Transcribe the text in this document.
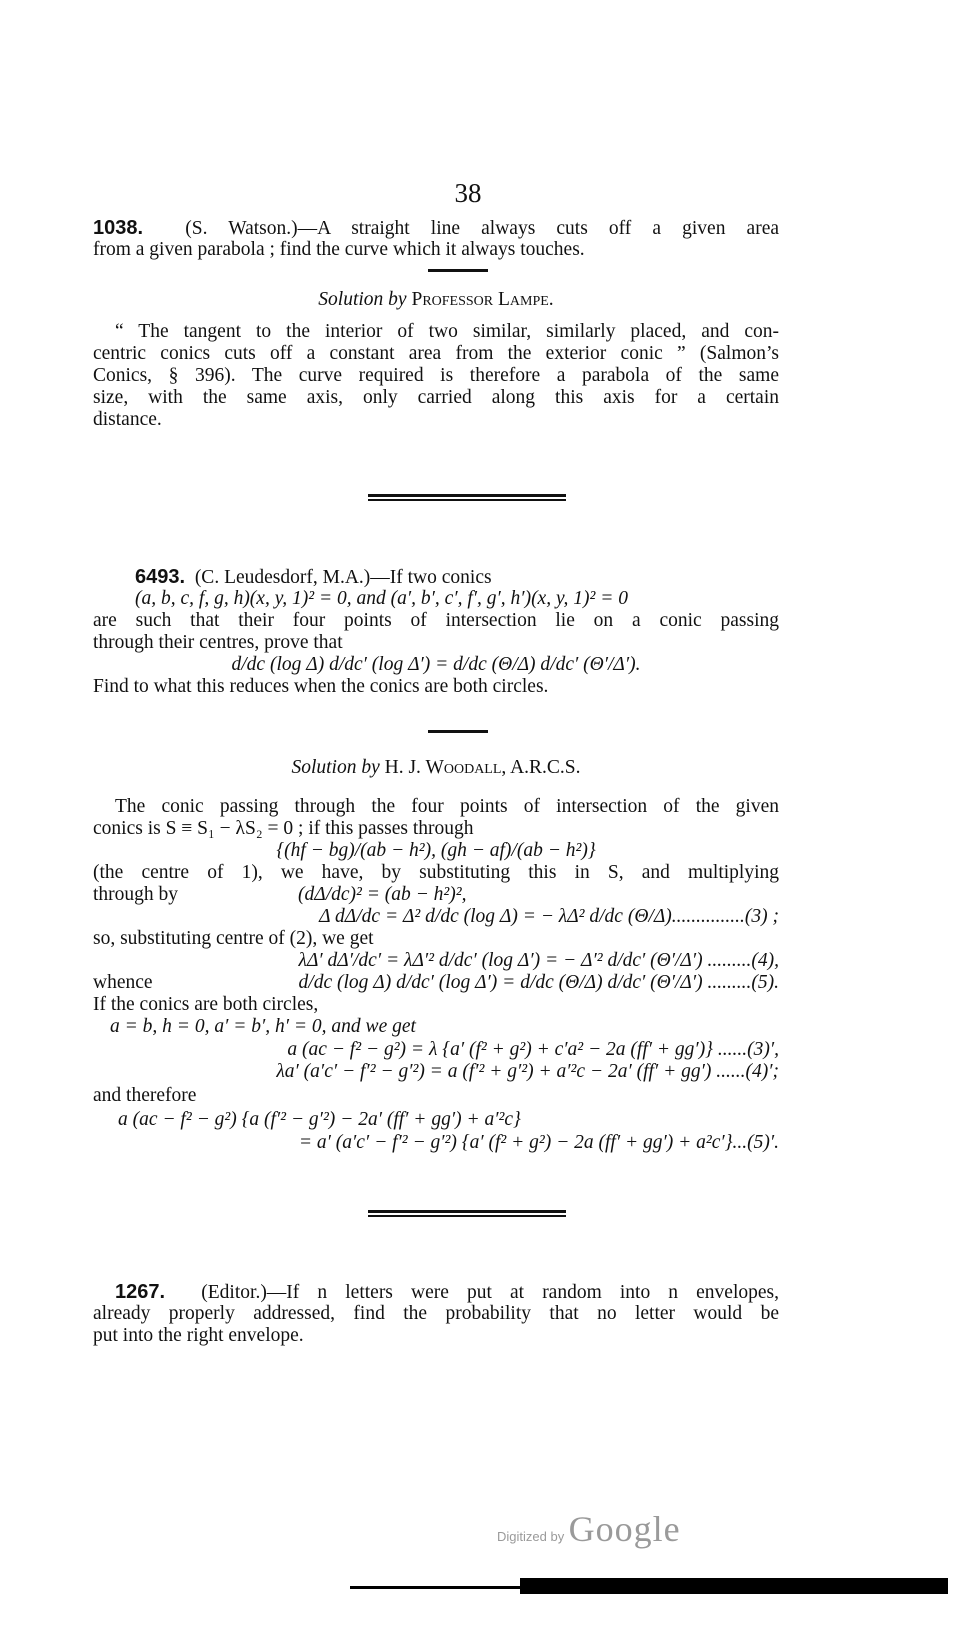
38
1038. (S. Watson.)—A straight line always cuts off a given area
from a given parabola ; find the curve which it always touches.
Solution by Professor Lampe.
“ The tangent to the interior of two similar, similarly placed, and con-
centric conics cuts off a constant area from the exterior conic ” (Salmon’s
Conics, § 396). The curve required is therefore a parabola of the same
size, with the same axis, only carried along this axis for a certain
distance.
6493. (C. Leudesdorf, M.A.)—If two conics
(a, b, c, f, g, h)(x, y, 1)² = 0, and (a′, b′, c′, f′, g′, h′)(x, y, 1)² = 0
are such that their four points of intersection lie on a conic passing
through their centres, prove that
d/dc (log Δ) d/dc′ (log Δ′) = d/dc (Θ/Δ) d/dc′ (Θ′/Δ′).
Find to what this reduces when the conics are both circles.
Solution by H. J. Woodall, A.R.C.S.
The conic passing through the four points of intersection of the given
conics is S ≡ S₁ − λS₂ = 0 ; if this passes through
{(hf − bg)/(ab − h²), (gh − af)/(ab − h²)}
(the centre of 1), we have, by substituting this in S, and multiplying
through by	(dΔ/dc)² = (ab − h²)²,
Δ dΔ/dc = Δ² d/dc (log Δ) = − λΔ² d/dc (Θ/Δ)...............(3) ;
so, substituting centre of (2), we get
λΔ′ dΔ′/dc′ = λΔ′² d/dc′ (log Δ′) = − Δ′² d/dc′ (Θ′/Δ′) .........(4),
whence	d/dc (log Δ) d/dc′ (log Δ′) = d/dc (Θ/Δ) d/dc′ (Θ′/Δ′) .........(5).
If the conics are both circles,
a = b, h = 0, a′ = b′, h′ = 0, and we get
a (ac − f² − g²) = λ {a′ (f² + g²) + c′a² − 2a (ff′ + gg′)} ......(3)′,
λa′ (a′c′ − f′² − g′²) = a (f′² + g′²) + a′²c − 2a′ (ff′ + gg′) ......(4)′;
and therefore
a (ac − f² − g²) {a (f′² − g′²) − 2a′ (ff′ + gg′) + a′²c}
= a′ (a′c′ − f′² − g′²) {a′ (f² + g²) − 2a (ff′ + gg′) + a²c′}...(5)′.
1267. (Editor.)—If n letters were put at random into n envelopes,
already properly addressed, find the probability that no letter would be
put into the right envelope.
Digitized by Google
